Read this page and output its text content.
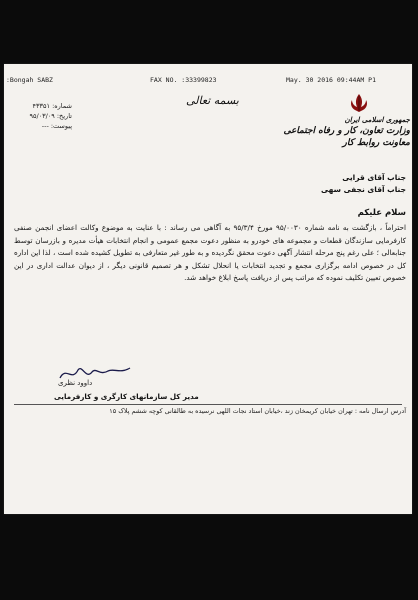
:Bongah SABZ	FAX NO. :33399823	May. 30 2016 09:44AM P1
جمهوری اسلامی ایران
وزارت تعاون، کار و رفاه اجتماعی
معاونت روابط کار
بسمه تعالی
شماره: ۴۳۳۵۱
تاریخ: ۹۵/۰۳/۰۹
پیوست: ---
جناب آقای قرایی
جناب آقای نجفی سهی
سلام علیکم
احتراماً ، بازگشت به نامه شماره ۹۵/۰۰۳۰ مورخ ۹۵/۳/۴ به آگاهی می رساند : با عنایت به موضوع وکالت اعضای انجمن صنفی کارفرمایی سازندگان قطعات و مجموعه های خودرو به منظور دعوت مجمع عمومی و انجام انتخابات هیأت مدیره و بازرسان توسط جنابعالی ؛ علی رغم پنج مرحله انتشار آگهی دعوت محقق نگردیده و به طور غیر متعارفی به تطویل کشیده شده است ، لذا این اداره کل در خصوص ادامه برگزاری مجمع و تجدید انتخابات یا انحلال تشکل و هر تصمیم قانونی دیگر ، از دیوان عدالت اداری در این خصوص تعیین تکلیف نموده که مراتب پس از دریافت پاسخ ابلاغ خواهد شد.
داوود نظری
مدیر کل سازمانهای کارگری و کارفرمایی
آدرس ارسال نامه : تهران خیابان کریمخان زند ،خیابان استاد نجات اللهی نرسیده به طالقانی کوچه ششم پلاک ۱۵
